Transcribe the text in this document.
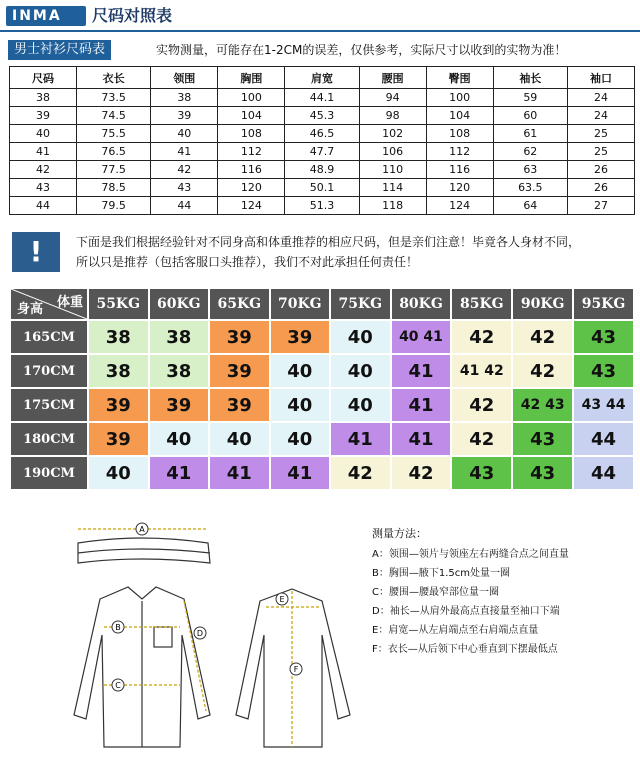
INMA	尺码对照表
男士衬衫尺码表	实物测量，可能存在1-2CM的误差，仅供参考，实际尺寸以收到的实物为准！
尺码	衣长	领围	胸围	肩宽	腰围	臀围	袖长	袖口
38	73.5	38	100	44.1	94	100	59	24
39	74.5	39	104	45.3	98	104	60	24
40	75.5	40	108	46.5	102	108	61	25
41	76.5	41	112	47.7	106	112	62	25
42	77.5	42	116	48.9	110	116	63	26
43	78.5	43	120	50.1	114	120	63.5	26
44	79.5	44	124	51.3	118	124	64	27
!	下面是我们根据经验针对不同身高和体重推荐的相应尺码，但是亲们注意！毕竟各人身材不同，
所以只是推荐（包括客服口头推荐），我们不对此承担任何责任！
体重
身高	55KG	60KG	65KG	70KG	75KG	80KG	85KG	90KG	95KG
165CM	38	38	39	39	40	40 41	42	42	43
170CM	38	38	39	40	40	41	41 42	42	43
175CM	39	39	39	40	40	41	42	42 43	43 44
180CM	39	40	40	40	41	41	42	43	44
190CM	40	41	41	41	42	42	43	43	44
A
B
C
D
E
F
测量方法：
A：领围—领片与领座左右两缝合点之间直量
B：胸围—腋下1.5cm处量一圈
C：腰围—腰最窄部位量一圈
D：袖长—从肩外最高点直接量至袖口下端
E：肩宽—从左肩端点至右肩端点直量
F：衣长—从后领下中心垂直到下摆最低点
